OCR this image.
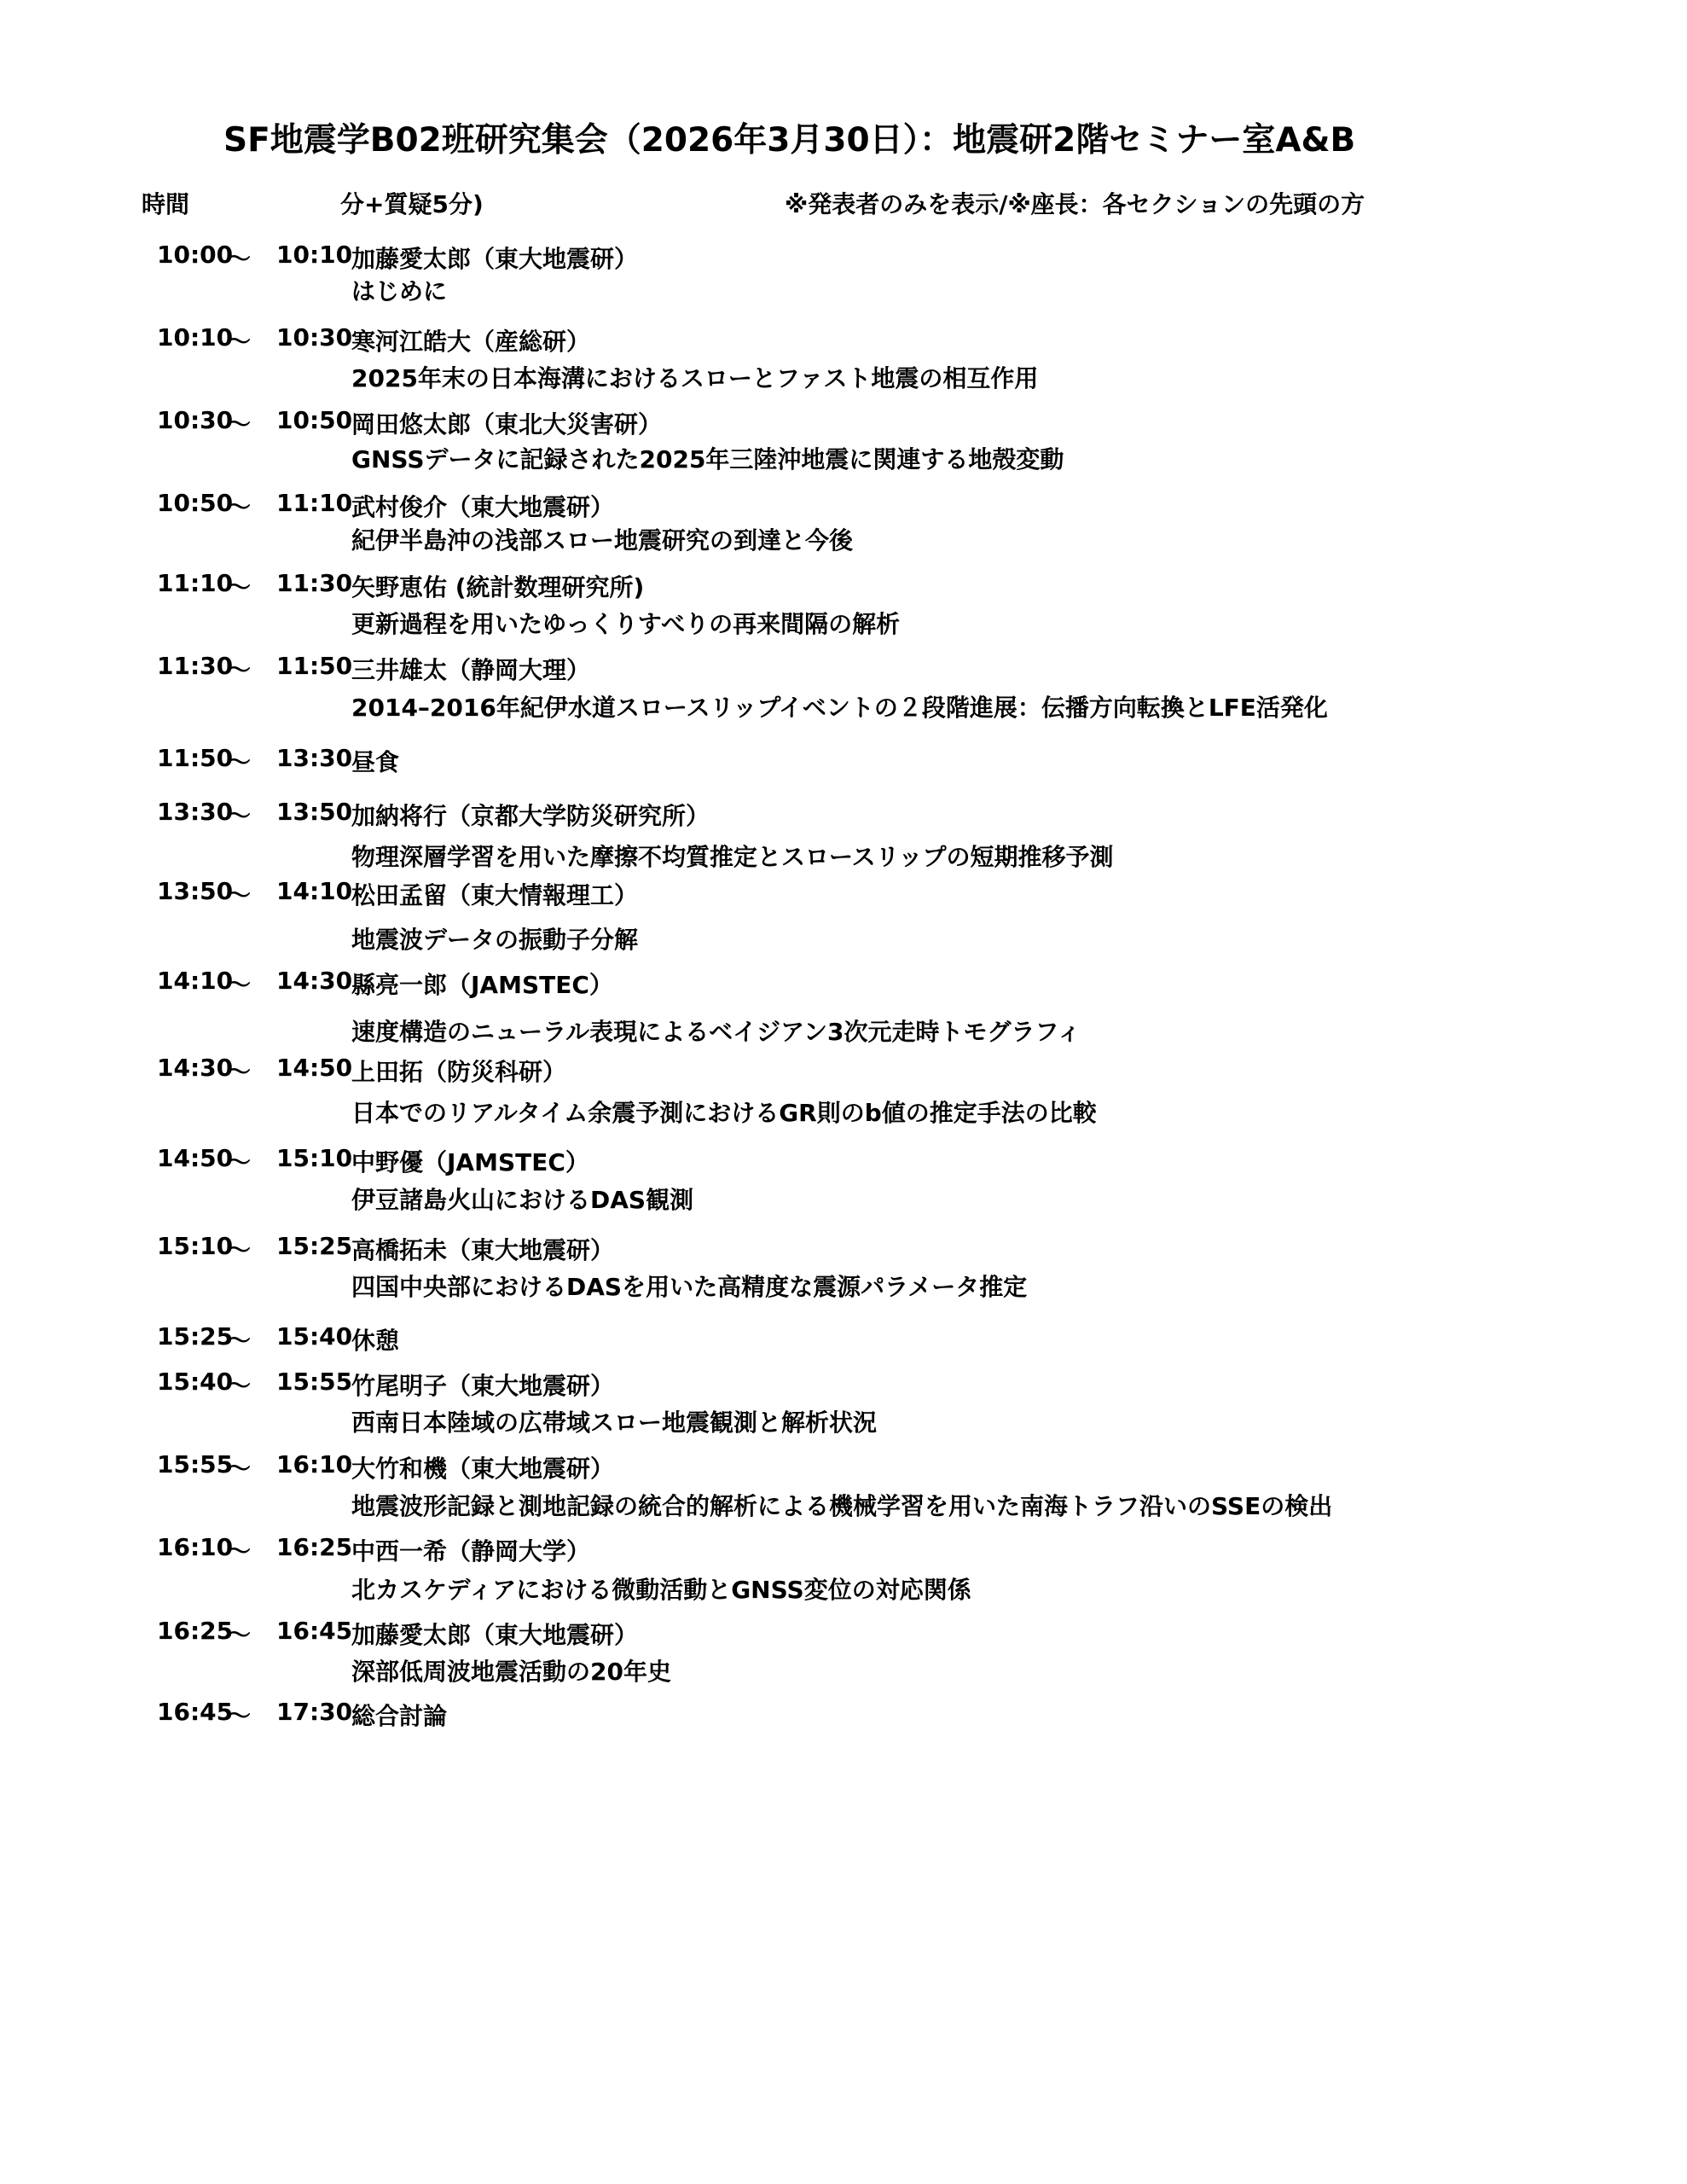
SF地震学B02班研究集会（2026年3月30日）：地震研2階セミナー室A&B
時間	分+質疑5分)	※発表者のみを表示/※座長：各セクションの先頭の方
10:00
～ 10:10
加藤愛太郎（東大地震研）
はじめに
10:10
～ 10:30
寒河江皓大（産総研）
2025年末の日本海溝におけるスローとファスト地震の相互作用
10:30
～ 10:50
岡田悠太郎（東北大災害研）
GNSSデータに記録された2025年三陸沖地震に関連する地殻変動
10:50
～ 11:10
武村俊介（東大地震研）
紀伊半島沖の浅部スロー地震研究の到達と今後
11:10
～ 11:30
矢野恵佑 (統計数理研究所)
更新過程を用いたゆっくりすべりの再来間隔の解析
11:30
～ 11:50
三井雄太（静岡大理）
2014–2016年紀伊水道スロースリップイベントの２段階進展：伝播方向転換とLFE活発化
11:50
～ 13:30
昼食
13:30
～ 13:50
加納将行（京都大学防災研究所）
物理深層学習を用いた摩擦不均質推定とスロースリップの短期推移予測
13:50
～ 14:10
松田孟留（東大情報理工）
地震波データの振動子分解
14:10
～ 14:30
縣亮一郎（JAMSTEC）
速度構造のニューラル表現によるベイジアン3次元走時トモグラフィ
14:30
～ 14:50
上田拓（防災科研）
日本でのリアルタイム余震予測におけるGR則のb値の推定手法の比較
14:50
～ 15:10
中野優（JAMSTEC）
伊豆諸島火山におけるDAS観測
15:10
～ 15:25
高橋拓未（東大地震研）
四国中央部におけるDASを用いた高精度な震源パラメータ推定
15:25
～ 15:40
休憩
15:40
～ 15:55
竹尾明子（東大地震研）
西南日本陸域の広帯域スロー地震観測と解析状況
15:55
～ 16:10
大竹和機（東大地震研）
地震波形記録と測地記録の統合的解析による機械学習を用いた南海トラフ沿いのSSEの検出
16:10
～ 16:25
中西一希（静岡大学）
北カスケディアにおける微動活動とGNSS変位の対応関係
16:25
～ 16:45
加藤愛太郎（東大地震研）
深部低周波地震活動の20年史
16:45
～ 17:30
総合討論
